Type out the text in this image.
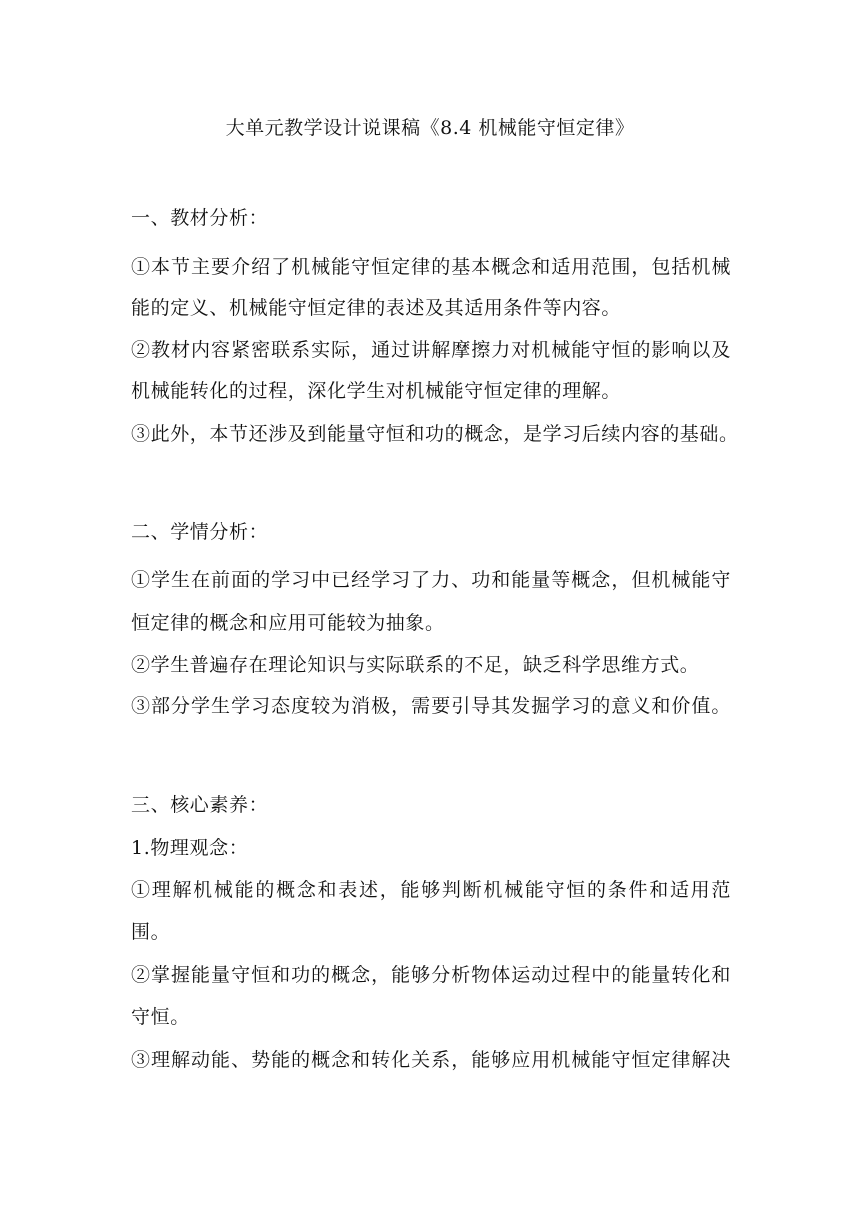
大单元教学设计说课稿《8.4 机械能守恒定律》
一、教材分析：
①本节主要介绍了机械能守恒定律的基本概念和适用范围，包括机械
能的定义、机械能守恒定律的表述及其适用条件等内容。
②教材内容紧密联系实际，通过讲解摩擦力对机械能守恒的影响以及
机械能转化的过程，深化学生对机械能守恒定律的理解。
③此外，本节还涉及到能量守恒和功的概念，是学习后续内容的基础。
二、学情分析：
①学生在前面的学习中已经学习了力、功和能量等概念，但机械能守
恒定律的概念和应用可能较为抽象。
②学生普遍存在理论知识与实际联系的不足，缺乏科学思维方式。
③部分学生学习态度较为消极，需要引导其发掘学习的意义和价值。
三、核心素养：
1.物理观念：
①理解机械能的概念和表述，能够判断机械能守恒的条件和适用范
围。
②掌握能量守恒和功的概念，能够分析物体运动过程中的能量转化和
守恒。
③理解动能、势能的概念和转化关系，能够应用机械能守恒定律解决
